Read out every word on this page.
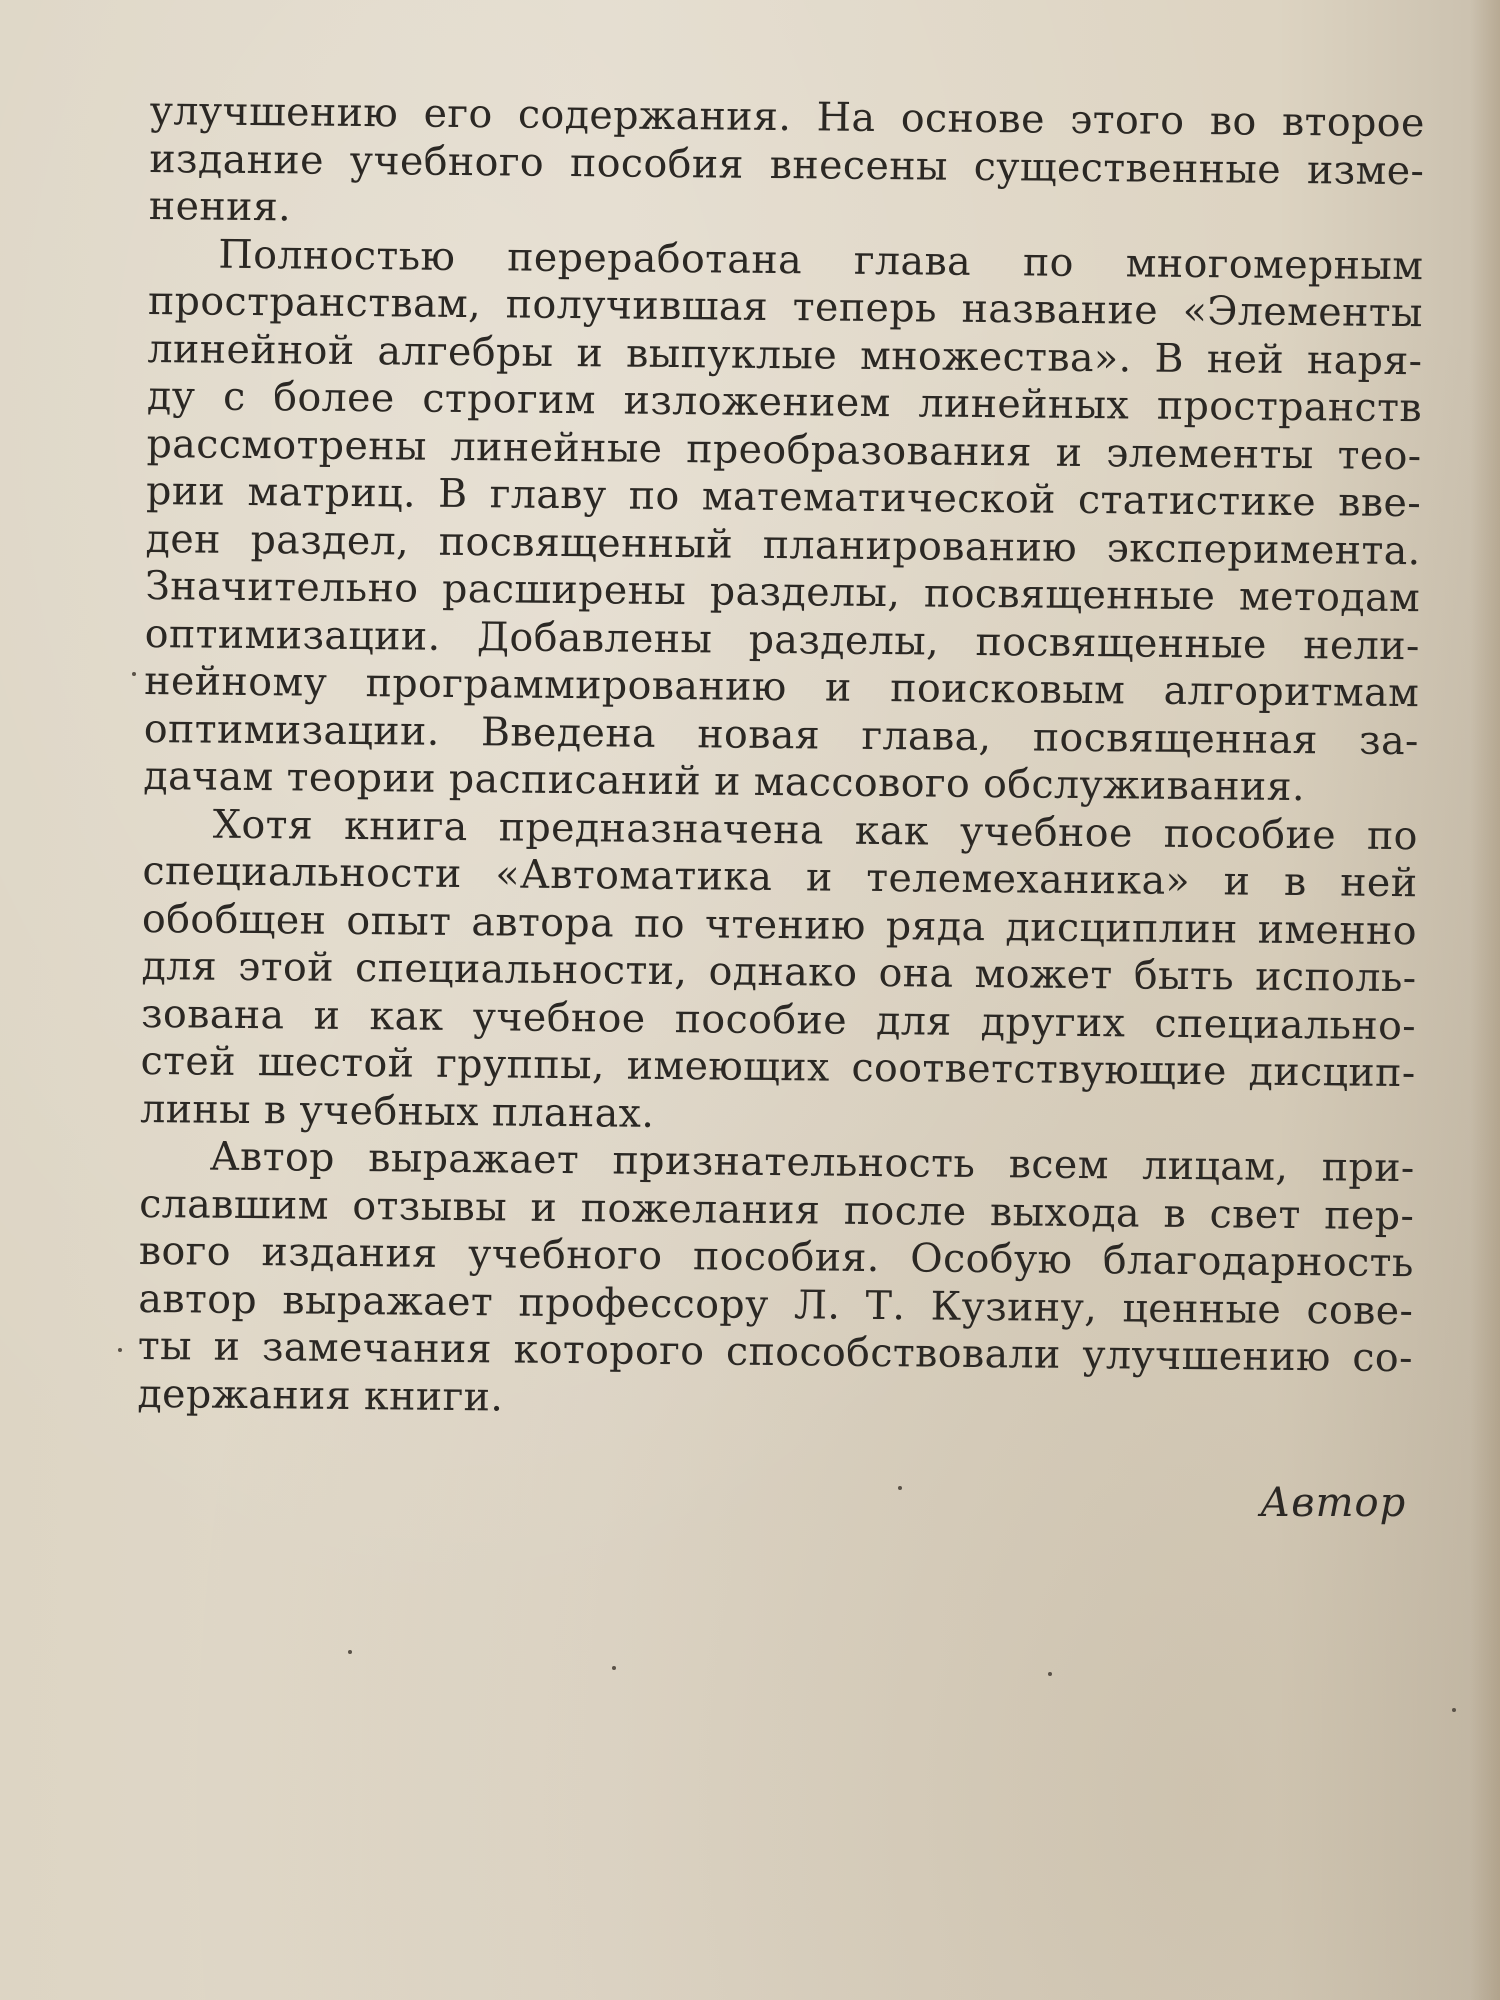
улучшению его содержания. На основе этого во второе
издание учебного пособия внесены существенные изме-
нения.
Полностью переработана глава по многомерным
пространствам, получившая теперь название «Элементы
линейной алгебры и выпуклые множества». В ней наря-
ду с более строгим изложением линейных пространств
рассмотрены линейные преобразования и элементы тео-
рии матриц. В главу по математической статистике вве-
ден раздел, посвященный планированию эксперимента.
Значительно расширены разделы, посвященные методам
оптимизации. Добавлены разделы, посвященные нели-
нейному программированию и поисковым алгоритмам
оптимизации. Введена новая глава, посвященная за-
дачам теории расписаний и массового обслуживания.
Хотя книга предназначена как учебное пособие по
специальности «Автоматика и телемеханика» и в ней
обобщен опыт автора по чтению ряда дисциплин именно
для этой специальности, однако она может быть исполь-
зована и как учебное пособие для других специально-
стей шестой группы, имеющих соответствующие дисцип-
лины в учебных планах.
Автор выражает признательность всем лицам, при-
славшим отзывы и пожелания после выхода в свет пер-
вого издания учебного пособия. Особую благодарность
автор выражает профессору Л. Т. Кузину, ценные сове-
ты и замечания которого способствовали улучшению со-
держания книги.
Автор
